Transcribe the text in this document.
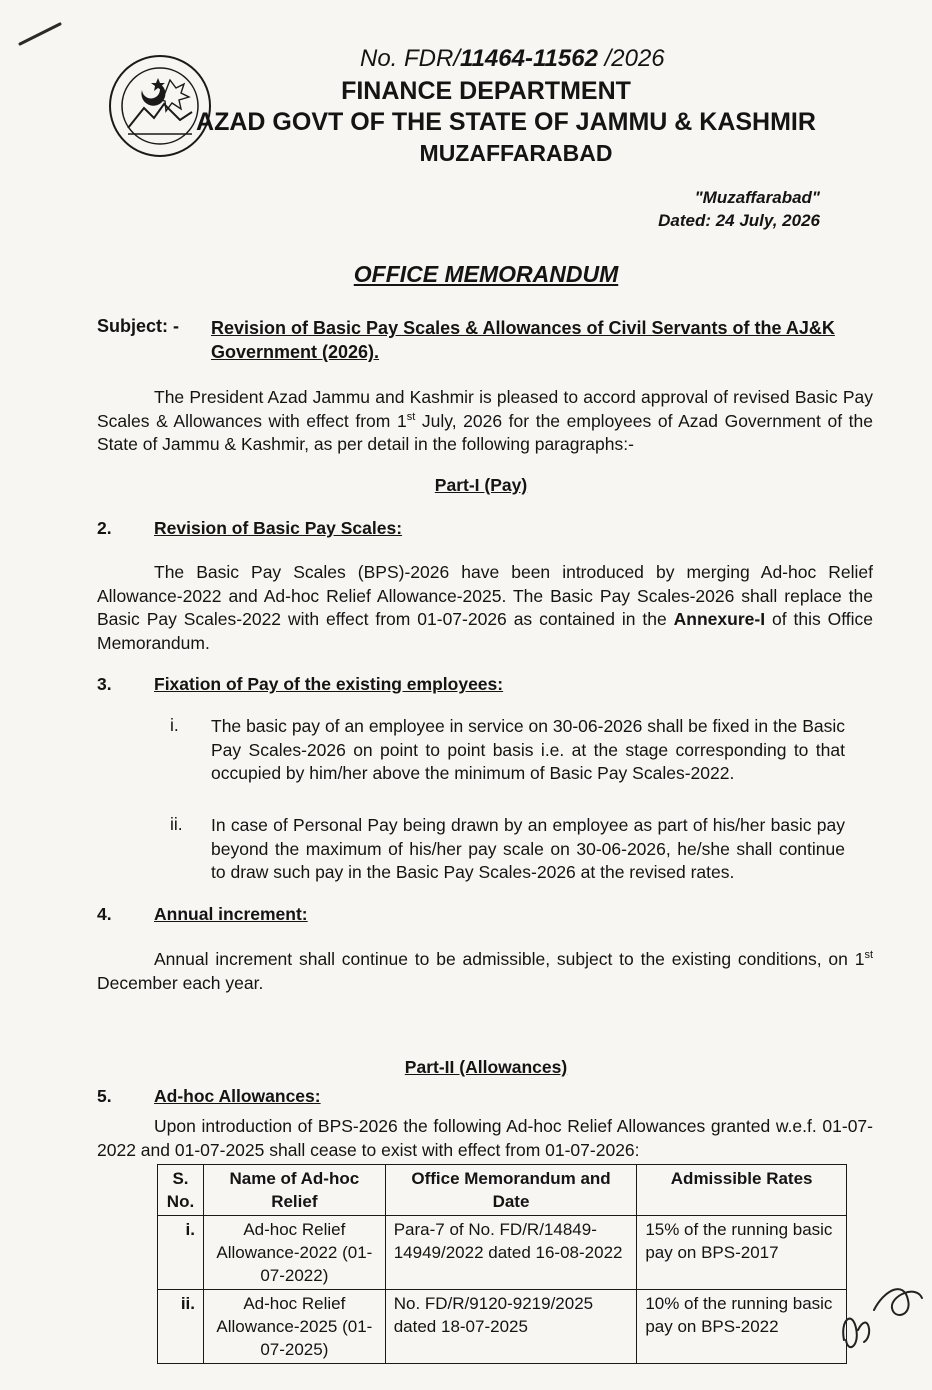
No. FDR/11464-11562 /2026
FINANCE DEPARTMENT
AZAD GOVT OF THE STATE OF JAMMU & KASHMIR
MUZAFFARABAD
"Muzaffarabad"
Dated: 24 July, 2026
OFFICE MEMORANDUM
Subject: - Revision of Basic Pay Scales & Allowances of Civil Servants of the AJ&K Government (2026).
The President Azad Jammu and Kashmir is pleased to accord approval of revised Basic Pay Scales & Allowances with effect from 1st July, 2026 for the employees of Azad Government of the State of Jammu & Kashmir, as per detail in the following paragraphs:-
Part-I (Pay)
2. Revision of Basic Pay Scales:
The Basic Pay Scales (BPS)-2026 have been introduced by merging Ad-hoc Relief Allowance-2022 and Ad-hoc Relief Allowance-2025. The Basic Pay Scales-2026 shall replace the Basic Pay Scales-2022 with effect from 01-07-2026 as contained in the Annexure-I of this Office Memorandum.
3. Fixation of Pay of the existing employees:
i. The basic pay of an employee in service on 30-06-2026 shall be fixed in the Basic Pay Scales-2026 on point to point basis i.e. at the stage corresponding to that occupied by him/her above the minimum of Basic Pay Scales-2022.
ii. In case of Personal Pay being drawn by an employee as part of his/her basic pay beyond the maximum of his/her pay scale on 30-06-2026, he/she shall continue to draw such pay in the Basic Pay Scales-2026 at the revised rates.
4. Annual increment:
Annual increment shall continue to be admissible, subject to the existing conditions, on 1st December each year.
Part-II (Allowances)
5. Ad-hoc Allowances:
Upon introduction of BPS-2026 the following Ad-hoc Relief Allowances granted w.e.f. 01-07-2022 and 01-07-2025 shall cease to exist with effect from 01-07-2026:
S. No.	Name of Ad-hoc Relief	Office Memorandum and Date	Admissible Rates
i.	Ad-hoc Relief Allowance-2022 (01-07-2022)	Para-7 of No. FD/R/14849-14949/2022 dated 16-08-2022	15% of the running basic pay on BPS-2017
ii.	Ad-hoc Relief Allowance-2025 (01-07-2025)	No. FD/R/9120-9219/2025 dated 18-07-2025	10% of the running basic pay on BPS-2022
